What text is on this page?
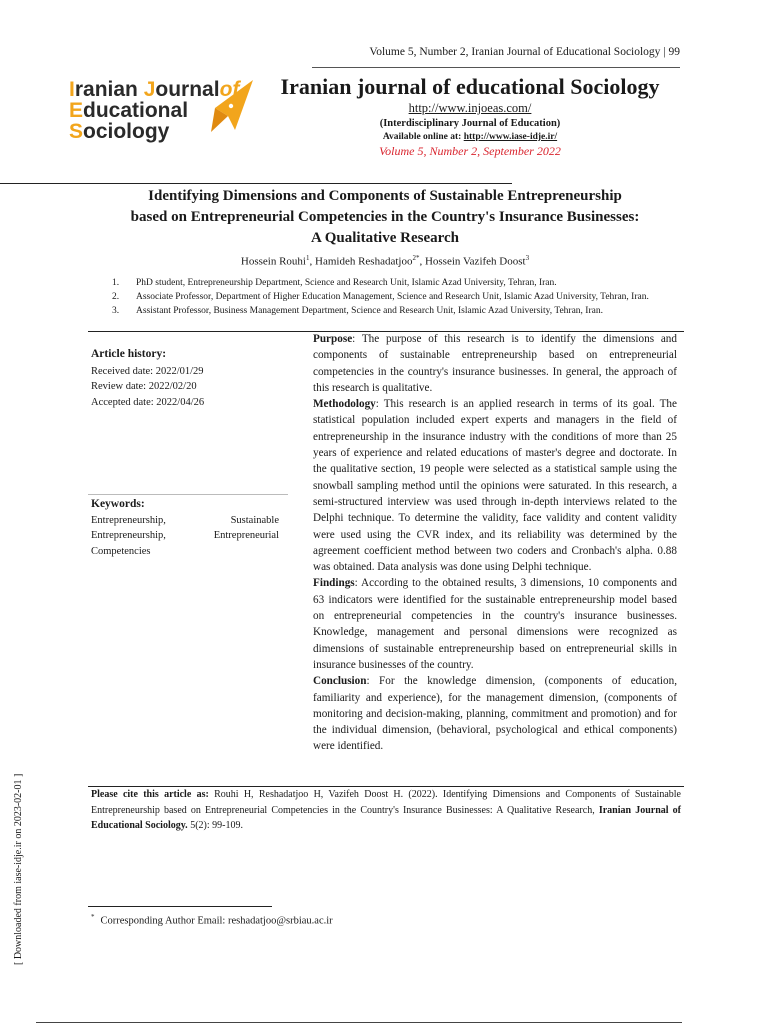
Volume 5, Number 2, Iranian Journal of Educational Sociology | 99
Iranian Journalof
Educational
Sociology
Iranian journal of educational Sociology
http://www.injoeas.com/
(Interdisciplinary Journal of Education)
Available online at: http://www.iase-idje.ir/
Volume 5, Number 2, September 2022
Identifying Dimensions and Components of Sustainable Entrepreneurship
based on Entrepreneurial Competencies in the Country's Insurance Businesses:
A Qualitative Research
Hossein Rouhi$^1$, Hamideh Reshadatjoo$^{2*}$, Hossein Vazifeh Doost$^3$
1. PhD student, Entrepreneurship Department, Science and Research Unit, Islamic Azad University, Tehran, Iran.
2. Associate Professor, Department of Higher Education Management, Science and Research Unit, Islamic Azad University, Tehran, Iran.
3. Assistant Professor, Business Management Department, Science and Research Unit, Islamic Azad University, Tehran, Iran.
Article history:
Received date: 2022/01/29
Review date: 2022/02/20
Accepted date: 2022/04/26
Keywords:
Entrepreneurship,	Sustainable
Entrepreneurship,	Entrepreneurial
Competencies

Purpose: The purpose of this research is to identify the dimensions and components of sustainable entrepreneurship based on entrepreneurial competencies in the country's insurance businesses. In general, the approach of this research is qualitative.

Methodology: This research is an applied research in terms of its goal. The statistical population included expert experts and managers in the field of entrepreneurship in the insurance industry with the conditions of more than 25 years of experience and related educations of master's degree and doctorate. In the qualitative section, 19 people were selected as a statistical sample using the snowball sampling method until the opinions were saturated. In this research, a semi-structured interview was used through in-depth interviews related to the Delphi technique. To determine the validity, face validity and content validity were used using the CVR index, and its reliability was determined by the agreement coefficient method between two coders and Cronbach's alpha. 0.88 was obtained. Data analysis was done using Delphi technique.

Findings: According to the obtained results, 3 dimensions, 10 components and 63 indicators were identified for the sustainable entrepreneurship model based on entrepreneurial competencies in the country's insurance businesses. Knowledge, management and personal dimensions were recognized as dimensions of sustainable entrepreneurship based on entrepreneurial skills in insurance businesses of the country.

Conclusion: For the knowledge dimension, (components of education, familiarity and experience), for the management dimension, (components of monitoring and decision-making, planning, commitment and promotion) and for the individual dimension, (behavioral, psychological and ethical components) were identified.

Please cite this article as: Rouhi H, Reshadatjoo H, Vazifeh Doost H. (2022). Identifying Dimensions and Components of Sustainable Entrepreneurship based on Entrepreneurial Competencies in the Country's Insurance Businesses: A Qualitative Research, Iranian Journal of Educational Sociology. 5(2): 99-109.
* Corresponding Author Email: reshadatjoo@srbiau.ac.ir
[ Downloaded from iase-idje.ir on 2023-02-01 ]
